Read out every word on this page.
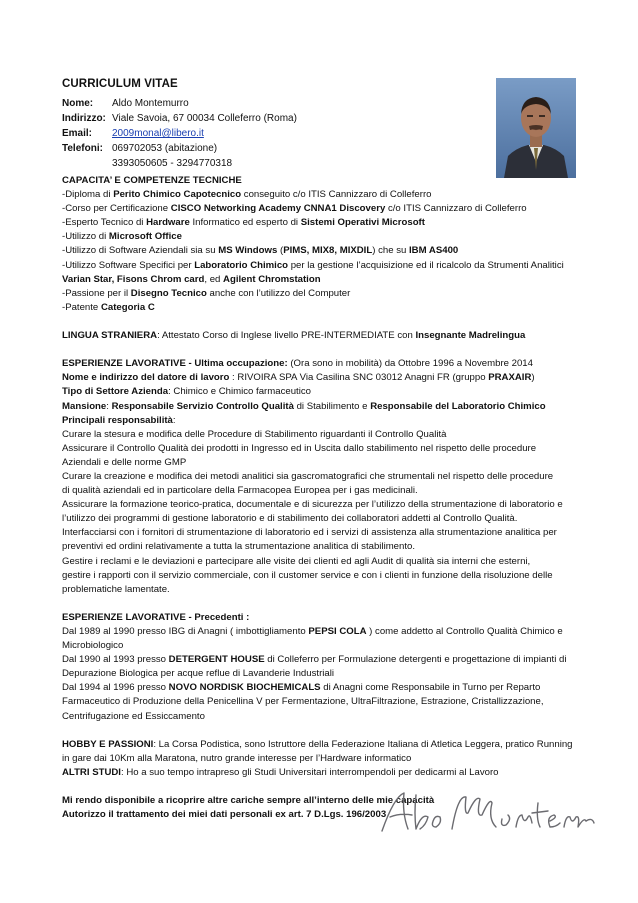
CURRICULUM VITAE
Nome: Aldo Montemurro
Indirizzo: Viale Savoia, 67 00034 Colleferro (Roma)
Email: 2009monal@libero.it
Telefoni: 069702053 (abitazione)
3393050605 - 3294770318

CAPACITA’ E COMPETENZE TECNICHE

-Diploma di Perito Chimico Capotecnico conseguito c/o ITIS Cannizzaro di Colleferro

-Corso per Certificazione CISCO Networking Academy CNNA1 Discovery c/o ITIS Cannizzaro di Colleferro

-Esperto Tecnico di Hardware Informatico ed esperto di Sistemi Operativi Microsoft

-Utilizzo di Microsoft Office

-Utilizzo di Software Aziendali sia su MS Windows (PIMS, MIX8, MIXDIL) che su IBM AS400

-Utilizzo Software Specifici per Laboratorio Chimico per la gestione l’acquisizione ed il ricalcolo da Strumenti Analitici

Varian Star, Fisons Chrom card, ed Agilent Chromstation

-Passione per il Disegno Tecnico anche con l’utilizzo del Computer

-Patente Categoria C

LINGUA STRANIERA: Attestato Corso di Inglese livello PRE-INTERMEDIATE con Insegnante Madrelingua

ESPERIENZE LAVORATIVE - Ultima occupazione: (Ora sono in mobilità) da Ottobre 1996 a Novembre 2014

Nome e indirizzo del datore di lavoro : RIVOIRA SPA Via Casilina SNC 03012 Anagni FR (gruppo PRAXAIR)

Tipo di Settore Azienda: Chimico e Chimico farmaceutico

Mansione: Responsabile Servizio Controllo Qualità di Stabilimento e Responsabile del Laboratorio Chimico

Principali responsabilità:

Curare la stesura e modifica delle Procedure di Stabilimento riguardanti il Controllo Qualità

Assicurare il Controllo Qualità dei prodotti in Ingresso ed in Uscita dallo stabilimento nel rispetto delle procedure

Aziendali e delle norme GMP

Curare la creazione e modifica dei metodi analitici sia gascromatografici che strumentali nel rispetto delle procedure

di qualità aziendali ed in particolare della Farmacopea Europea per i gas medicinali.

Assicurare la formazione teorico-pratica, documentale e di sicurezza per l’utilizzo della strumentazione di laboratorio e

l’utilizzo dei programmi di gestione laboratorio e di stabilimento dei collaboratori addetti al Controllo Qualità.

Interfacciarsi con i fornitori di strumentazione di laboratorio ed i servizi di assistenza alla strumentazione analitica per

preventivi ed ordini relativamente a tutta la strumentazione analitica di stabilimento.

Gestire i reclami e le deviazioni e partecipare alle visite dei clienti ed agli Audit di qualità sia interni che esterni,

gestire i rapporti con il servizio commerciale, con il customer service e con i clienti in funzione della risoluzione delle

problematiche lamentate.

ESPERIENZE LAVORATIVE - Precedenti :

Dal 1989 al 1990 presso IBG di Anagni ( imbottigliamento PEPSI COLA ) come addetto al Controllo Qualità Chimico e

Microbiologico

Dal 1990 al 1993 presso DETERGENT HOUSE di Colleferro per Formulazione detergenti e progettazione di impianti di

Depurazione Biologica per acque reflue di Lavanderie Industriali

Dal 1994 al 1996 presso NOVO NORDISK BIOCHEMICALS di Anagni come Responsabile in Turno per Reparto

Farmaceutico di Produzione della Penicellina V per Fermentazione, UltraFiltrazione, Estrazione, Cristallizzazione,

Centrifugazione ed Essiccamento

HOBBY E PASSIONI: La Corsa Podistica, sono Istruttore della Federazione Italiana di Atletica Leggera, pratico Running

in gare dai 10Km alla Maratona, nutro grande interesse per l’Hardware informatico

ALTRI STUDI: Ho a suo tempo intrapreso gli Studi Universitari interrompendoli per dedicarmi al Lavoro

Mi rendo disponibile a ricoprire altre cariche sempre all’interno delle mie capacità

Autorizzo il trattamento dei miei dati personali ex art. 7 D.Lgs. 196/2003
